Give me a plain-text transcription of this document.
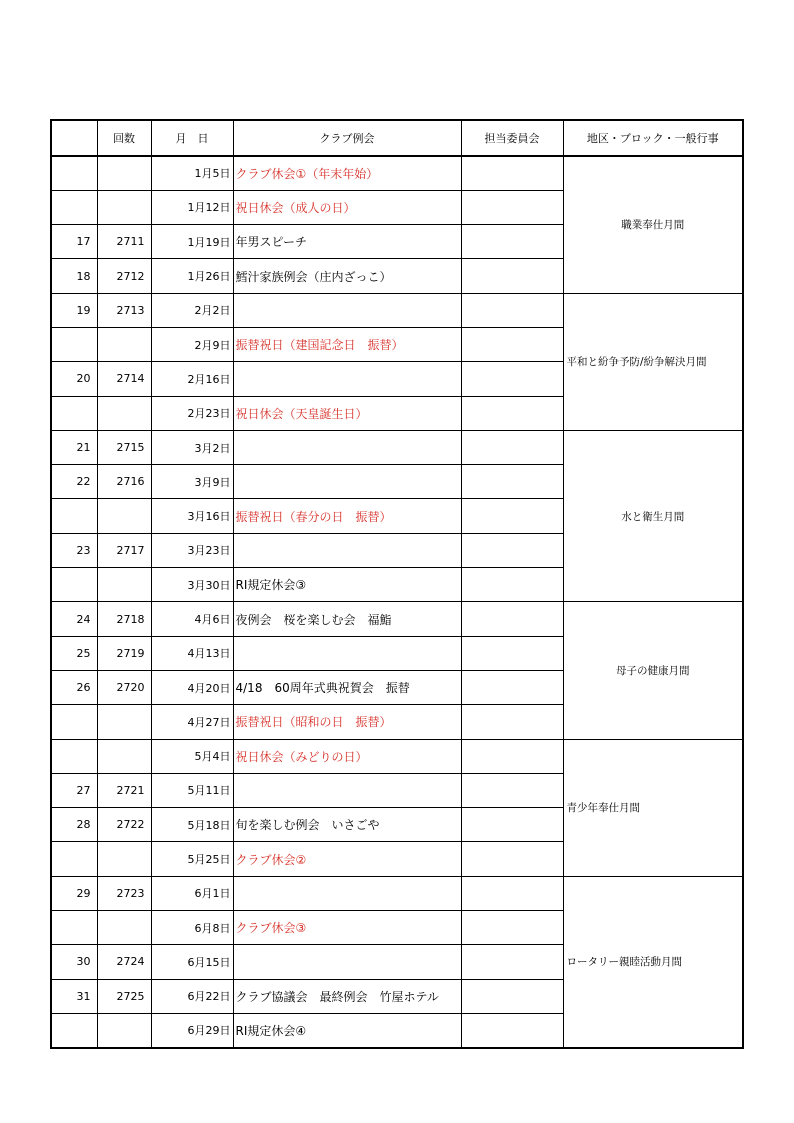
	回数	月　日	クラブ例会	担当委員会	地区・ブロック・一般行事
		1月5日	クラブ休会①（年末年始）		職業奉仕月間
		1月12日	祝日休会（成人の日）		
17	2711	1月19日	年男スピーチ		
18	2712	1月26日	鱈汁家族例会（庄内ざっこ）		
19	2713	2月2日			平和と紛争予防/紛争解決月間
		2月9日	振替祝日（建国記念日　振替）		
20	2714	2月16日			
		2月23日	祝日休会（天皇誕生日）		
21	2715	3月2日			水と衛生月間
22	2716	3月9日			
		3月16日	振替祝日（春分の日　振替）		
23	2717	3月23日			
		3月30日	RI規定休会③		
24	2718	4月6日	夜例会　桜を楽しむ会　福鮨		母子の健康月間
25	2719	4月13日			
26	2720	4月20日	4/18　60周年式典祝賀会　振替		
		4月27日	振替祝日（昭和の日　振替）		
		5月4日	祝日休会（みどりの日）		青少年奉仕月間
27	2721	5月11日			
28	2722	5月18日	旬を楽しむ例会　いさごや		
		5月25日	クラブ休会②		
29	2723	6月1日			ロータリー親睦活動月間
		6月8日	クラブ休会③		
30	2724	6月15日			
31	2725	6月22日	クラブ協議会　最終例会　竹屋ホテル		
		6月29日	RI規定休会④		
